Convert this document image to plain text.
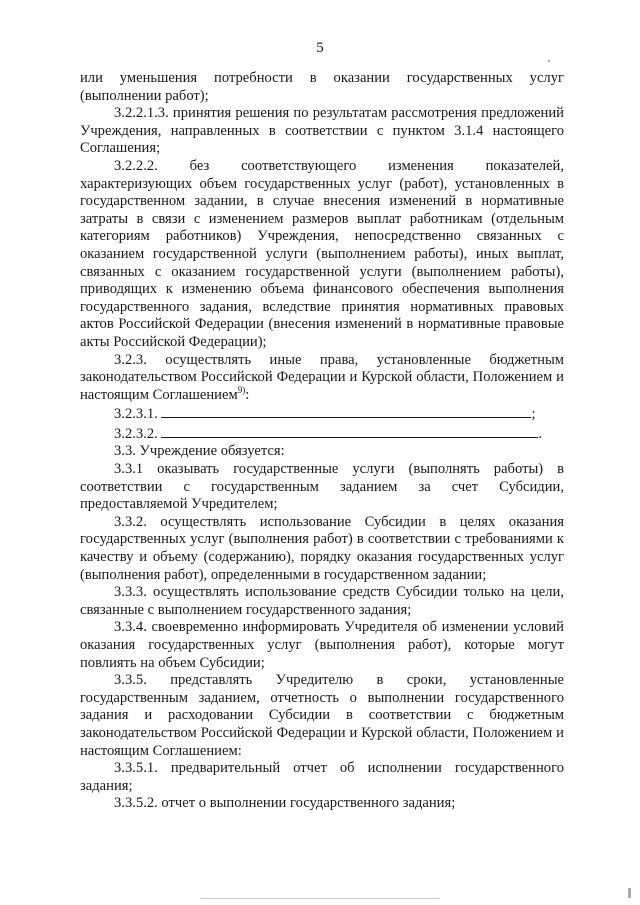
5

или уменьшения потребности в оказании государственных услуг (выполнении работ);

3.2.2.1.3. принятия решения по результатам рассмотрения предложений Учреждения, направленных в соответствии с пунктом 3.1.4 настоящего Соглашения;

3.2.2.2. без соответствующего изменения показателей, характеризующих объем государственных услуг (работ), установленных в государственном задании, в случае внесения изменений в нормативные затраты в связи с изменением размеров выплат работникам (отдельным категориям работников) Учреждения, непосредственно связанных с оказанием государственной услуги (выполнением работы), иных выплат, связанных с оказанием государственной услуги (выполнением работы), приводящих к изменению объема финансового обеспечения выполнения государственного задания, вследствие принятия нормативных правовых актов Российской Федерации (внесения изменений в нормативные правовые акты Российской Федерации);

3.2.3. осуществлять иные права, установленные бюджетным законодательством Российской Федерации и Курской области, Положением и настоящим Соглашением$^{9)}$:

3.2.3.1.	;

3.2.3.2.	.

3.3. Учреждение обязуется:

3.3.1 оказывать государственные услуги (выполнять работы) в соответствии с государственным заданием за счет Субсидии, предоставляемой Учредителем;

3.3.2. осуществлять использование Субсидии в целях оказания государственных услуг (выполнения работ) в соответствии с требованиями к качеству и объему (содержанию), порядку оказания государственных услуг (выполнения работ), определенными в государственном задании;

3.3.3. осуществлять использование средств Субсидии только на цели, связанные с выполнением государственного задания;

3.3.4. своевременно информировать Учредителя об изменении условий оказания государственных услуг (выполнения работ), которые могут повлиять на объем Субсидии;

3.3.5. представлять Учредителю в сроки, установленные государственным заданием, отчетность о выполнении государственного задания и расходовании Субсидии в соответствии с бюджетным законодательством Российской Федерации и Курской области, Положением и настоящим Соглашением:

3.3.5.1. предварительный отчет об исполнении государственного задания;

3.3.5.2. отчет о выполнении государственного задания;
